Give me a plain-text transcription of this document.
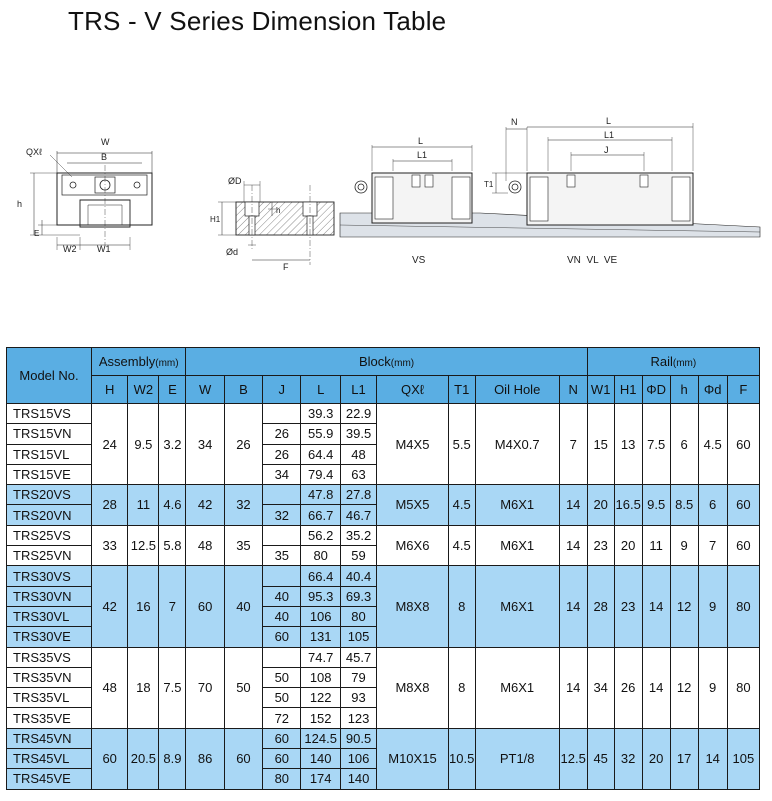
TRS - V Series Dimension Table
QXℓ
W
B
h
E
W2 W1
ØD
H1
h
Ød
F
L
L1
VS
N
T1
L
L1
J
VN  VL  VE
Model No.	Assembly(mm)			Block(mm)									Rail(mm)					
	H	W2	E	W	B	J	L	L1	QXℓ	T1	Oil Hole	N	W1	H1	ΦD	h	Φd	F
TRS15VS	24	9.5	3.2	34	26		39.3	22.9	M4X5	5.5	M4X0.7	7	15	13	7.5	6	4.5	60
TRS15VN						26	55.9	39.5										
TRS15VL						26	64.4	48										
TRS15VE						34	79.4	63										
TRS20VS	28	11	4.6	42	32		47.8	27.8	M5X5	4.5	M6X1	14	20	16.5	9.5	8.5	6	60
TRS20VN						32	66.7	46.7										
TRS25VS	33	12.5	5.8	48	35		56.2	35.2	M6X6	4.5	M6X1	14	23	20	11	9	7	60
TRS25VN						35	80	59										
TRS30VS	42	16	7	60	40		66.4	40.4	M8X8	8	M6X1	14	28	23	14	12	9	80
TRS30VN						40	95.3	69.3										
TRS30VL						40	106	80										
TRS30VE						60	131	105										
TRS35VS	48	18	7.5	70	50		74.7	45.7	M8X8	8	M6X1	14	34	26	14	12	9	80
TRS35VN						50	108	79										
TRS35VL						50	122	93										
TRS35VE						72	152	123										
TRS45VN	60	20.5	8.9	86	60	60	124.5	90.5	M10X15	10.5	PT1/8	12.5	45	32	20	17	14	105
TRS45VL						60	140	106										
TRS45VE						80	174	140										
